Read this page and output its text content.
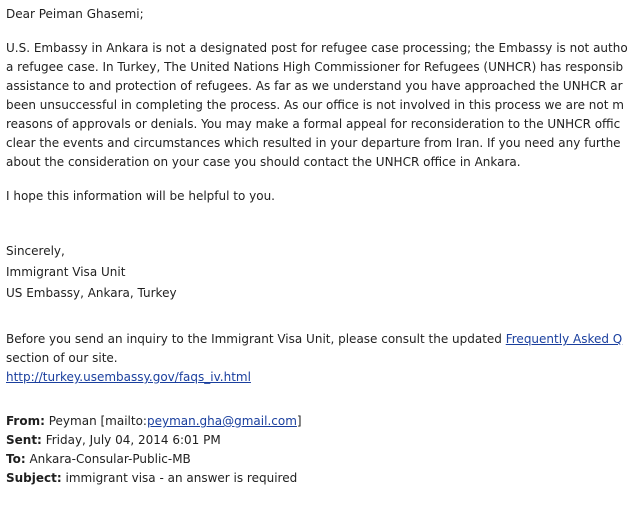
Dear Peiman Ghasemi;
U.S. Embassy in Ankara is not a designated post for refugee case processing; the Embassy is not autho
a refugee case. In Turkey, The United Nations High Commissioner for Refugees (UNHCR) has responsib
assistance to and protection of refugees. As far as we understand you have approached the UNHCR ar
been unsuccessful in completing the process. As our office is not involved in this process we are not m
reasons of approvals or denials. You may make a formal appeal for reconsideration to the UNHCR offic
clear the events and circumstances which resulted in your departure from Iran. If you need any furthe
about the consideration on your case you should contact the UNHCR office in Ankara.
I hope this information will be helpful to you.
Sincerely,
Immigrant Visa Unit
US Embassy, Ankara, Turkey
Before you send an inquiry to the Immigrant Visa Unit, please consult the updated Frequently Asked Q
section of our site.
http://turkey.usembassy.gov/faqs_iv.html
From: Peyman [mailto:peyman.gha@gmail.com]
Sent: Friday, July 04, 2014 6:01 PM
To: Ankara-Consular-Public-MB
Subject: immigrant visa - an answer is required
